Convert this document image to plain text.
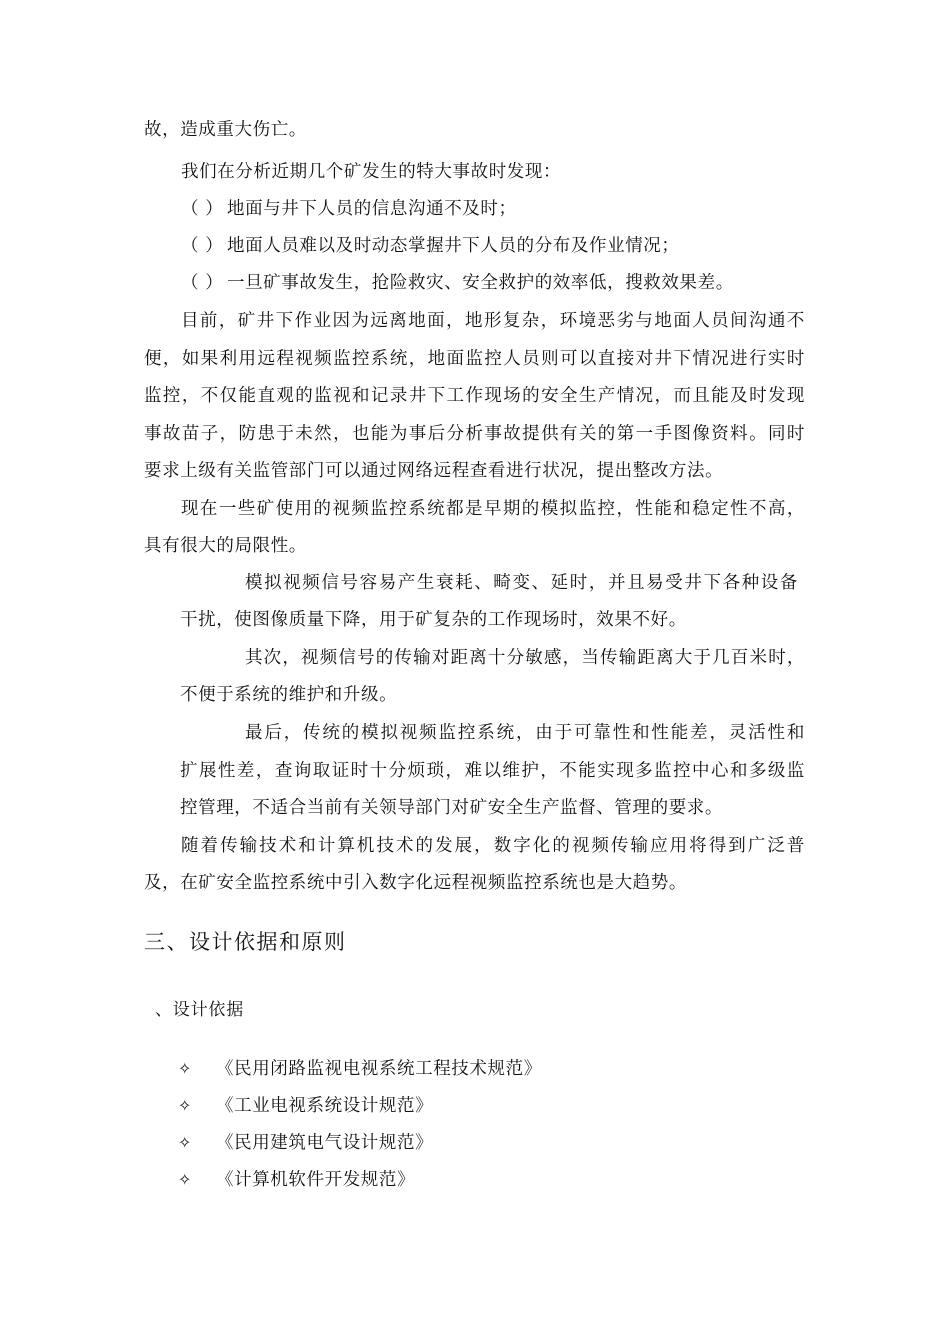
故，造成重大伤亡。
我们在分析近期几个矿发生的特大事故时发现：
（ ） 地面与井下人员的信息沟通不及时；
（ ） 地面人员难以及时动态掌握井下人员的分布及作业情况；
（ ） 一旦矿事故发生，抢险救灾、安全救护的效率低，搜救效果差。
目前，矿井下作业因为远离地面，地形复杂，环境恶劣与地面人员间沟通不
便，如果利用远程视频监控系统，地面监控人员则可以直接对井下情况进行实时
监控，不仅能直观的监视和记录井下工作现场的安全生产情况，而且能及时发现
事故苗子，防患于未然，也能为事后分析事故提供有关的第一手图像资料。同时
要求上级有关监管部门可以通过网络远程查看进行状况，提出整改方法。
现在一些矿使用的视频监控系统都是早期的模拟监控，性能和稳定性不高，
具有很大的局限性。
模拟视频信号容易产生衰耗、畸变、延时，并且易受井下各种设备
干扰，使图像质量下降，用于矿复杂的工作现场时，效果不好。
其次，视频信号的传输对距离十分敏感，当传输距离大于几百米时，
不便于系统的维护和升级。
最后，传统的模拟视频监控系统，由于可靠性和性能差，灵活性和
扩展性差，查询取证时十分烦琐，难以维护，不能实现多监控中心和多级监
控管理，不适合当前有关领导部门对矿安全生产监督、管理的要求。
随着传输技术和计算机技术的发展，数字化的视频传输应用将得到广泛普
及，在矿安全监控系统中引入数字化远程视频监控系统也是大趋势。
三、设计依据和原则
、设计依据
✧ 《民用闭路监视电视系统工程技术规范》
✧ 《工业电视系统设计规范》
✧ 《民用建筑电气设计规范》
✧ 《计算机软件开发规范》
